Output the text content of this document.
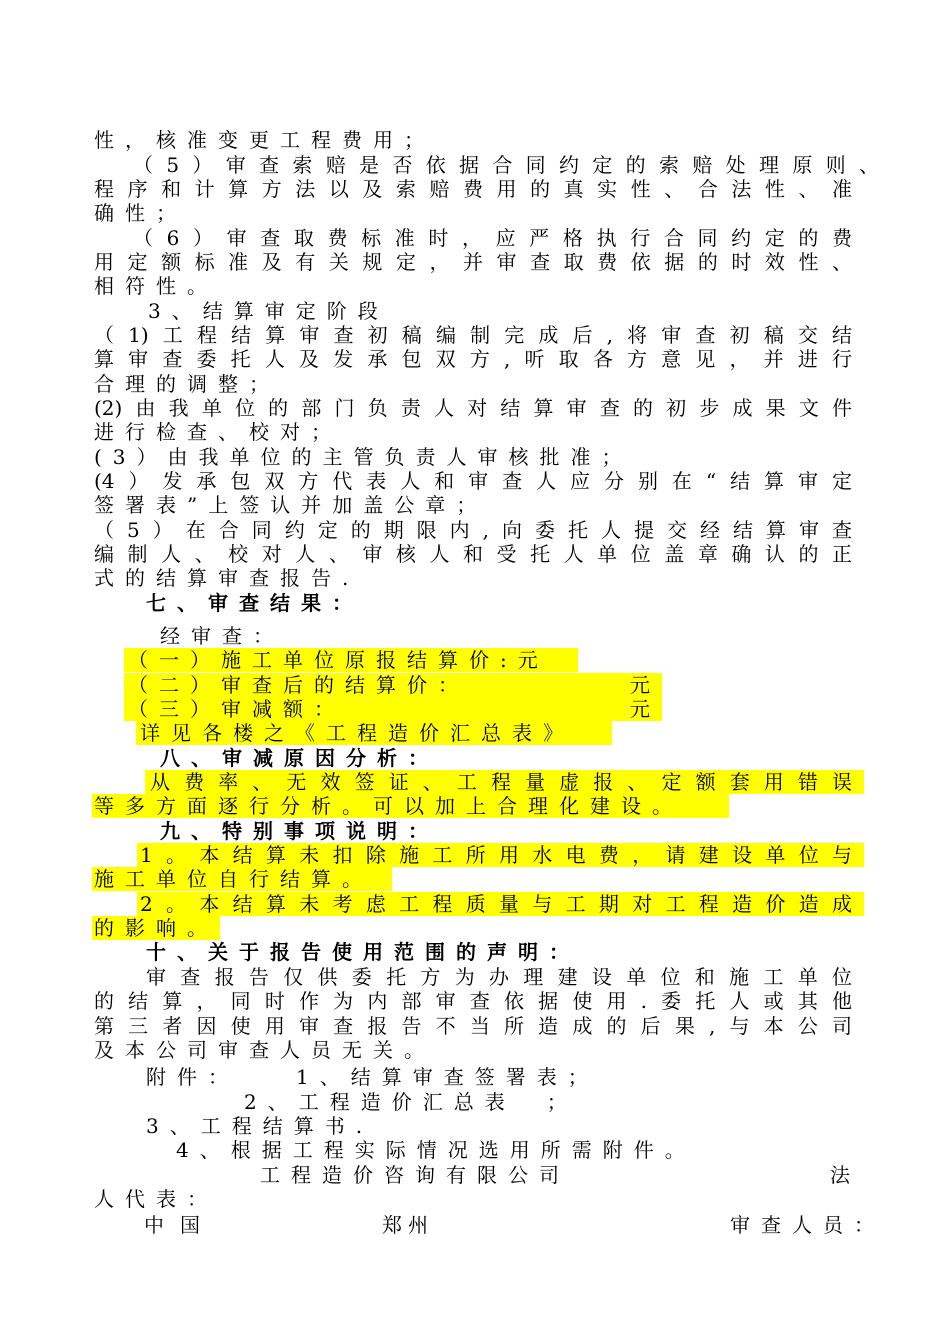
性，核准变更工程费用；
（5）审查索赔是否依据合同约定的索赔处理原则、
程序和计算方法以及索赔费用的真实性、合法性、准
确性；
（6）审查取费标准时，应严格执行合同约定的费
用定额标准及有关规定，并审查取费依据的时效性、
相符性。
3、结算审定阶段
（1)工程结算审查初稿编制完成后,将审查初稿交结
算审查委托人及发承包双方,听取各方意见，并进行
合理的调整；
(2)由我单位的部门负责人对结算审查的初步成果文件
进行检查、校对；
(3）由我单位的主管负责人审核批准；
(4）发承包双方代表人和审查人应分别在“结算审定
签署表”上签认并加盖公章；
（5）在合同约定的期限内,向委托人提交经结算审查
编制人、校对人、审核人和受托人单位盖章确认的正
式的结算审查报告.
七、审查结果：
经审查：
（一）施工单位原报结算价:元
（二）审查后的结算价：	元
（三）审减额：	元
详见各楼之《工程造价汇总表》
八、审减原因分析：
从费率、无效签证、工程量虚报、定额套用错误
等多方面逐行分析。可以加上合理化建设。
九、特别事项说明：
1。本结算未扣除施工所用水电费，请建设单位与
施工单位自行结算。
2。本结算未考虑工程质量与工期对工程造价造成
的影响。
十、关于报告使用范围的声明：
审查报告仅供委托方为办理建设单位和施工单位
的结算，同时作为内部审查依据使用.委托人或其他
第三者因使用审查报告不当所造成的后果,与本公司
及本公司审查人员无关。
附件：	1、结算审查签署表；
2、工程造价汇总表　；
3、工程结算书.
4、根据工程实际情况选用所需附件。
工程造价咨询有限公司	法
人代表：
中国	郑州	审查人员：
